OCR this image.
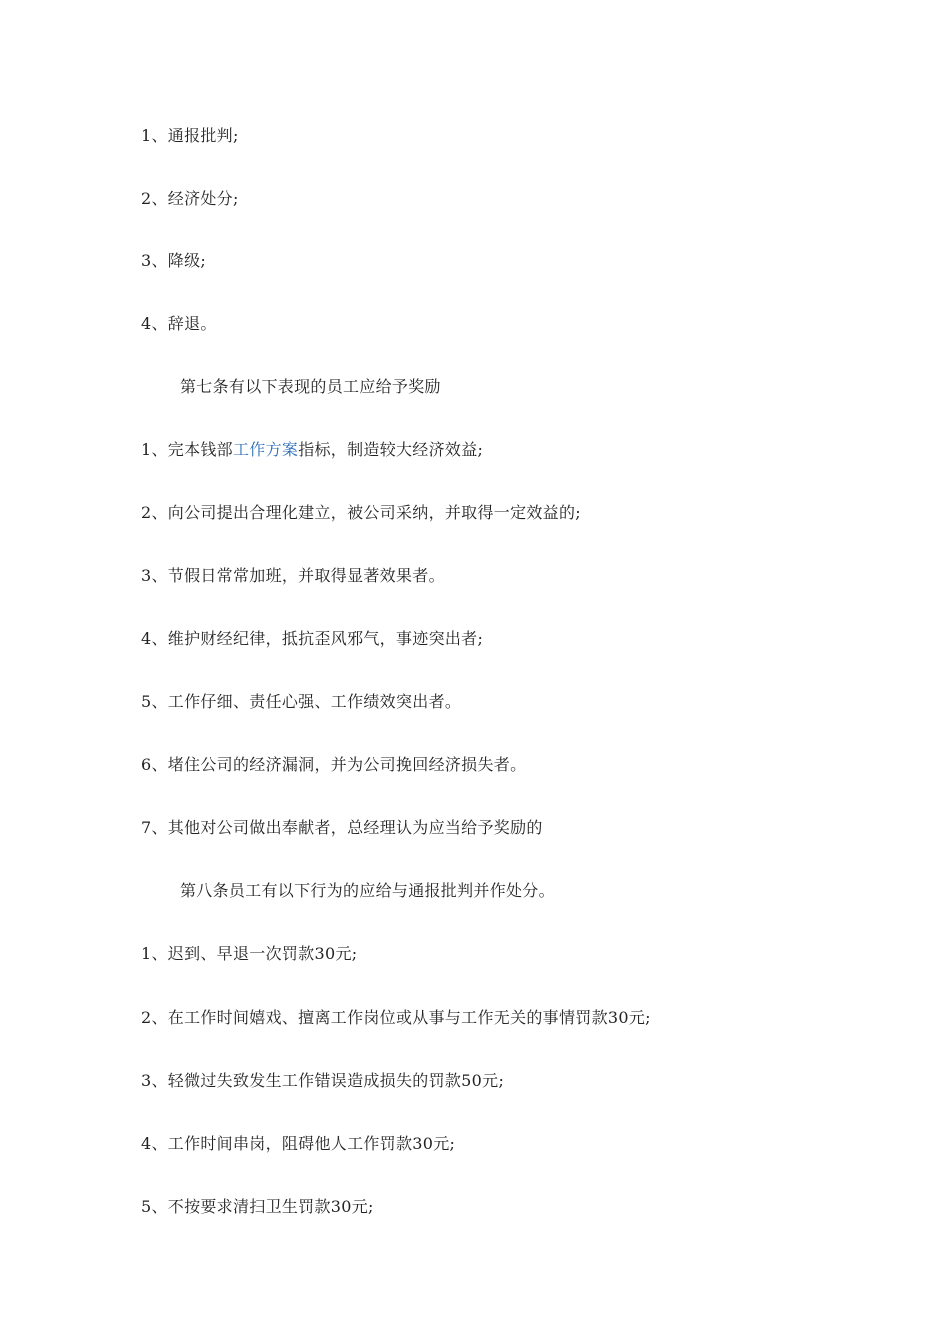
1、通报批判;
2、经济处分;
3、降级;
4、辞退。
第七条有以下表现的员工应给予奖励
1、完本钱部工作方案指标，制造较大经济效益;
2、向公司提出合理化建立，被公司采纳，并取得一定效益的;
3、节假日常常加班，并取得显著效果者。
4、维护财经纪律，抵抗歪风邪气，事迹突出者;
5、工作仔细、责任心强、工作绩效突出者。
6、堵住公司的经济漏洞，并为公司挽回经济损失者。
7、其他对公司做出奉献者，总经理认为应当给予奖励的
第八条员工有以下行为的应给与通报批判并作处分。
1、迟到、早退一次罚款30元;
2、在工作时间嬉戏、擅离工作岗位或从事与工作无关的事情罚款30元;
3、轻微过失致发生工作错误造成损失的罚款50元;
4、工作时间串岗，阻碍他人工作罚款30元;
5、不按要求清扫卫生罚款30元;
